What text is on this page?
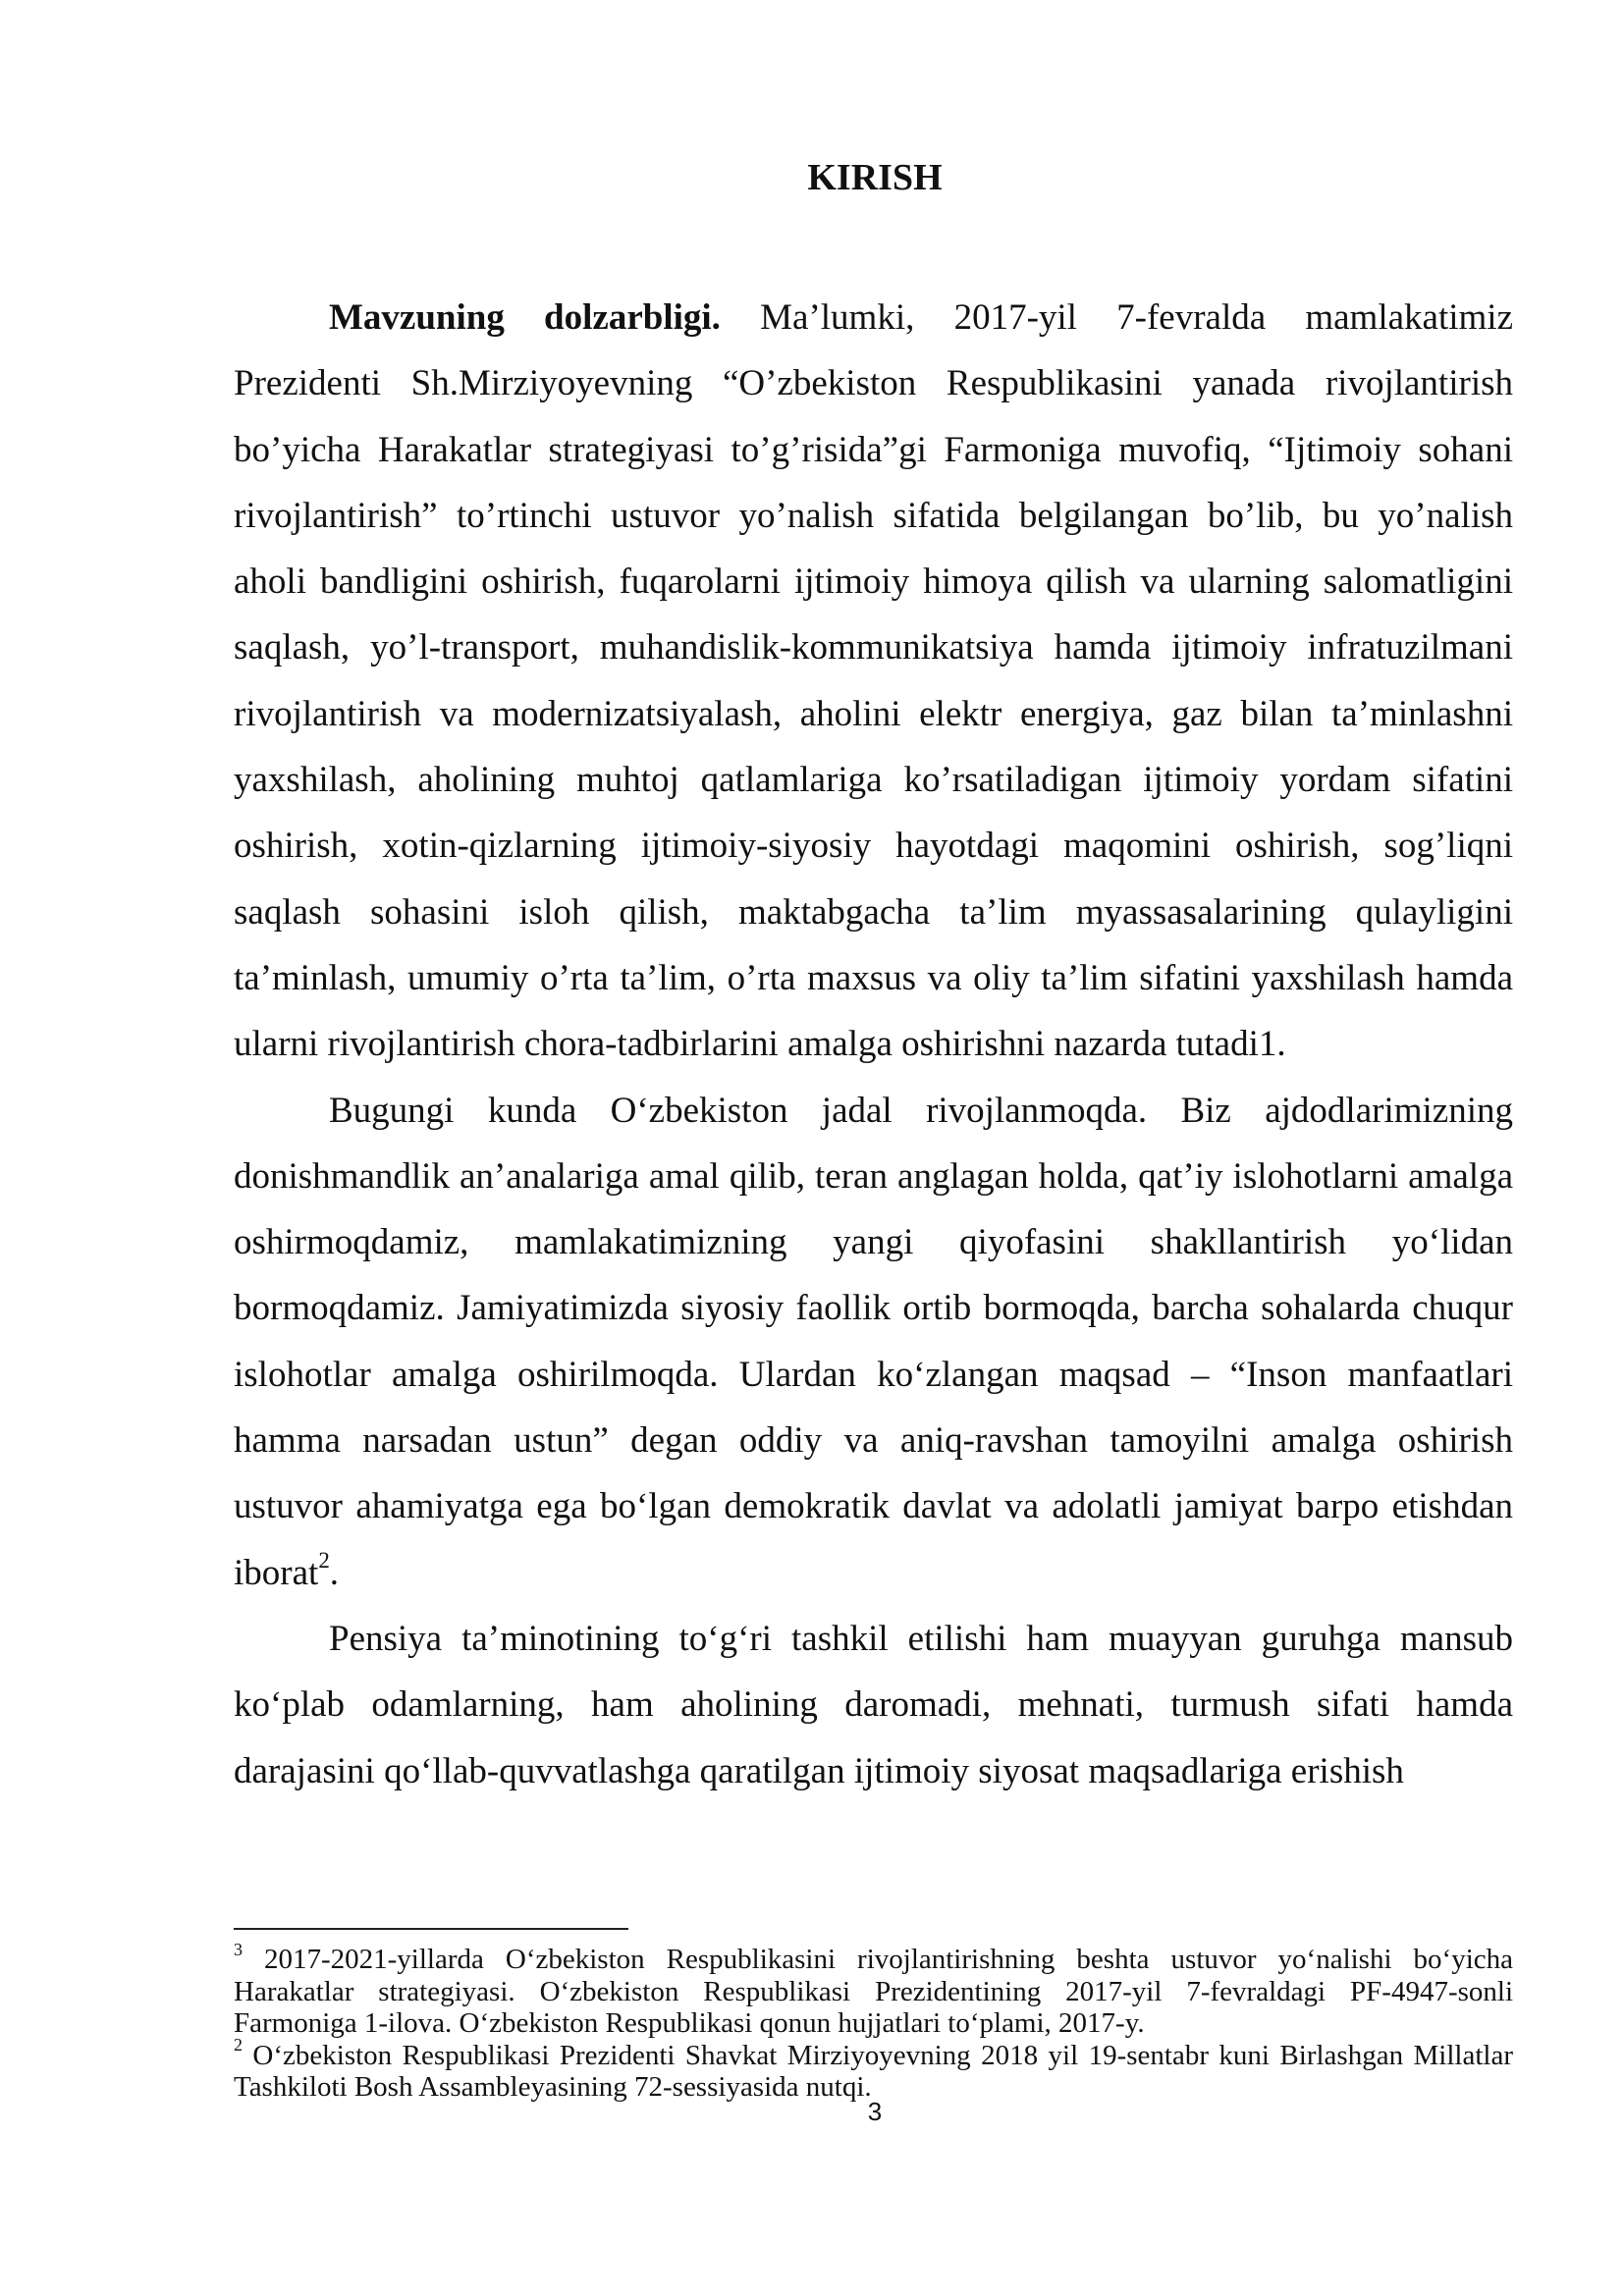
KIRISH

Mavzuning dolzarbligi. Ma’lumki, 2017-yil 7-fevralda mamlakatimiz Prezidenti Sh.Mirziyoyevning “O’zbekiston Respublikasini yanada rivojlantirish bo’yicha Harakatlar strategiyasi to’g’risida”gi Farmoniga muvofiq, “Ijtimoiy sohani rivojlantirish” to’rtinchi ustuvor yo’nalish sifatida belgilangan bo’lib, bu yo’nalish aholi bandligini oshirish, fuqarolarni ijtimoiy himoya qilish va ularning salomatligini saqlash, yo’l-transport, muhandislik-kommunikatsiya hamda ijtimoiy infratuzilmani rivojlantirish va modernizatsiyalash, aholini elektr energiya, gaz bilan ta’minlashni yaxshilash, aholining muhtoj qatlamlariga ko’rsatiladigan ijtimoiy yordam sifatini oshirish, xotin-qizlarning ijtimoiy-siyosiy hayotdagi maqomini oshirish, sog’liqni saqlash sohasini isloh qilish, maktabgacha ta’lim myassasalarining qulayligini ta’minlash, umumiy o’rta ta’lim, o’rta maxsus va oliy ta’lim sifatini yaxshilash hamda ularni rivojlantirish chora-tadbirlarini amalga oshirishni nazarda tutadi1.

Bugungi kunda O‘zbekiston jadal rivojlanmoqda. Biz ajdodlarimizning donishmandlik an’analariga amal qilib, teran anglagan holda, qat’iy islohotlarni amalga oshirmoqdamiz, mamlakatimizning yangi qiyofasini shakllantirish yo‘lidan bormoqdamiz. Jamiyatimizda siyosiy faollik ortib bormoqda, barcha sohalarda chuqur islohotlar amalga oshirilmoqda. Ulardan ko‘zlangan maqsad – “Inson manfaatlari hamma narsadan ustun” degan oddiy va aniq-ravshan tamoyilni amalga oshirish ustuvor ahamiyatga ega bo‘lgan demokratik davlat va adolatli jamiyat barpo etishdan iborat$^2$.

Pensiya ta’minotining to‘g‘ri tashkil etilishi ham muayyan guruhga mansub ko‘plab odamlarning, ham aholining daromadi, mehnati, turmush sifati hamda darajasini qo‘llab-quvvatlashga qaratilgan ijtimoiy siyosat maqsadlariga erishish

$^3$ 2017-2021-yillarda O‘zbekiston Respublikasini rivojlantirishning beshta ustuvor yo‘nalishi bo‘yicha Harakatlar strategiyasi. O‘zbekiston Respublikasi Prezidentining 2017-yil 7-fevraldagi PF-4947-sonli Farmoniga 1-ilova. O‘zbekiston Respublikasi qonun hujjatlari to‘plami, 2017-y.

$^2$ O‘zbekiston Respublikasi Prezidenti Shavkat Mirziyoyevning 2018 yil 19-sentabr kuni Birlashgan Millatlar Tashkiloti Bosh Assambleyasining 72-sessiyasida nutqi.

3
